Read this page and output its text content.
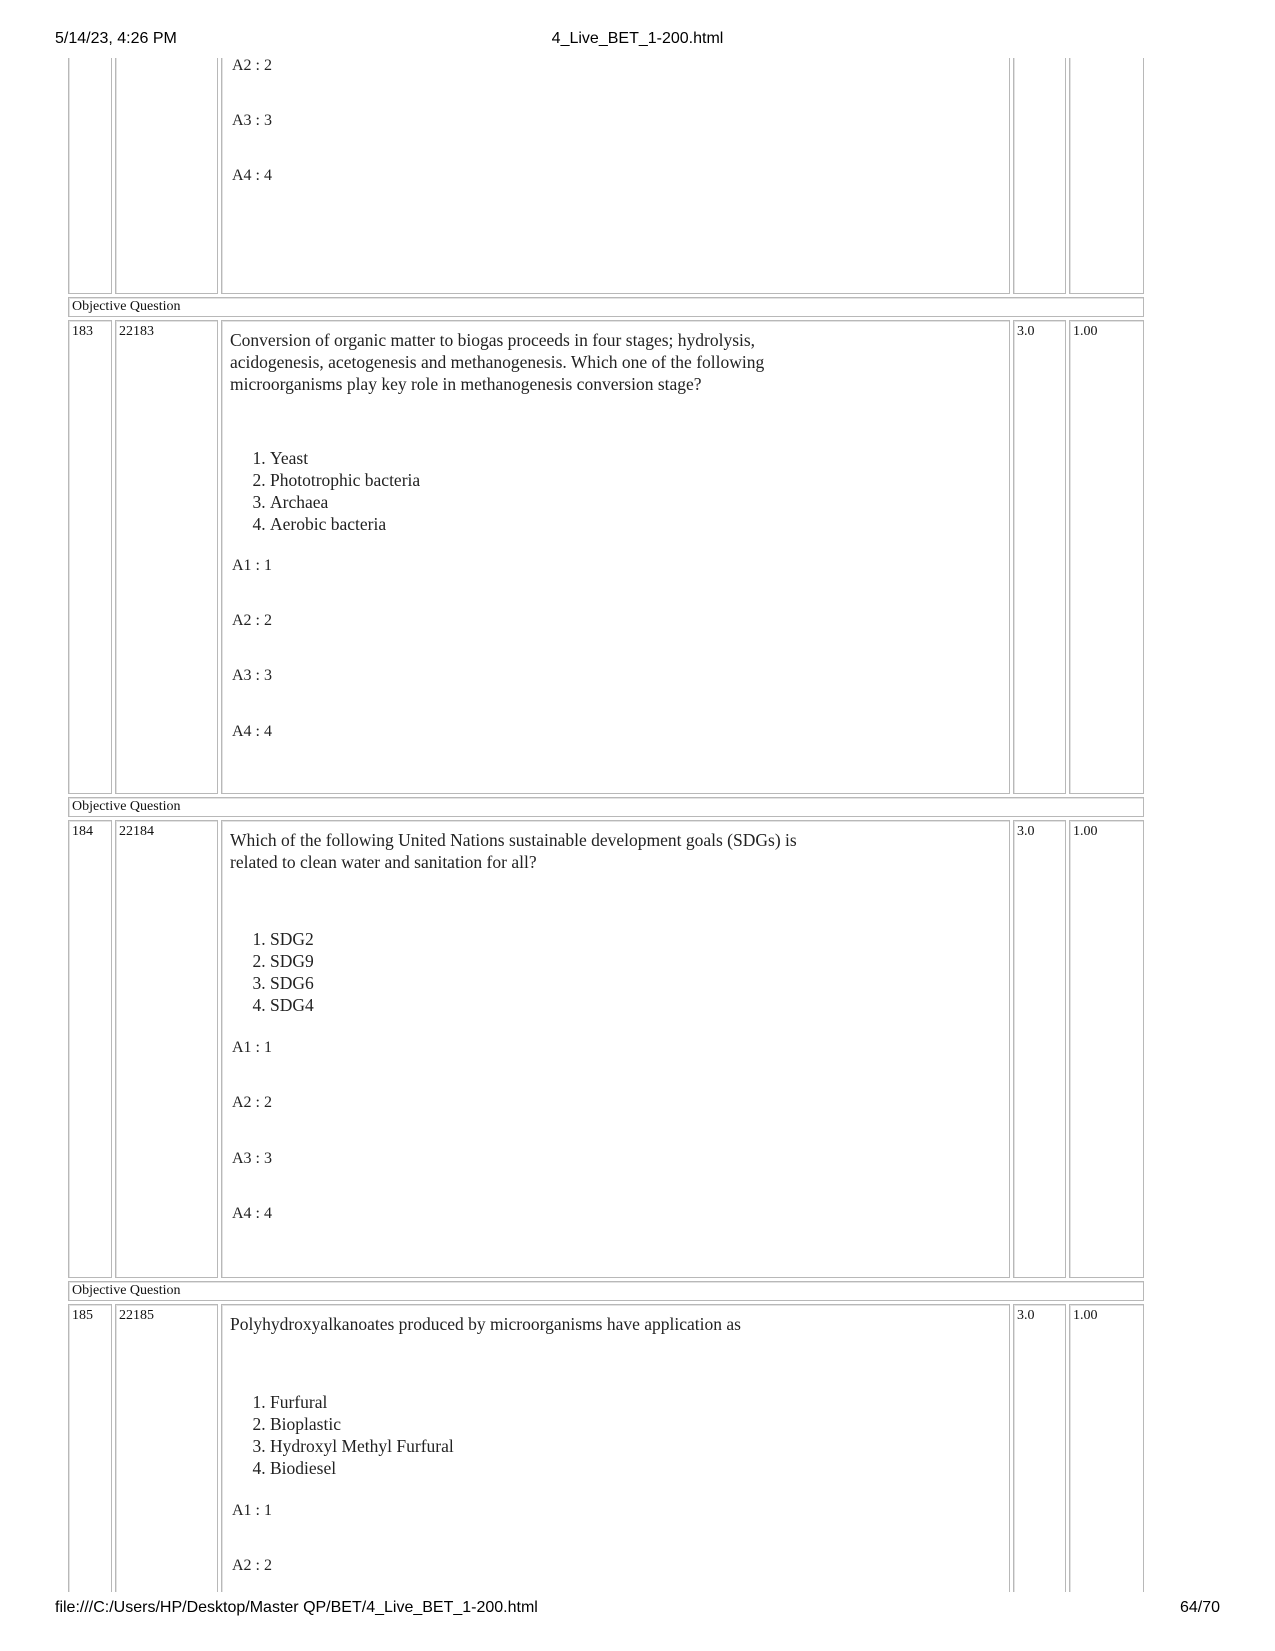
5/14/23, 4:26 PM	4_Live_BET_1-200.html
A2 : 2
A3 : 3
A4 : 4
Objective Question
183	22183	Conversion of organic matter to biogas proceeds in four stages; hydrolysis, acidogenesis, acetogenesis and methanogenesis. Which one of the following microorganisms play key role in methanogenesis conversion stage?
1. Yeast
2. Phototrophic bacteria
3. Archaea
4. Aerobic bacteria
A1 : 1
A2 : 2
A3 : 3
A4 : 4
3.0	1.00
Objective Question
184	22184	Which of the following United Nations sustainable development goals (SDGs) is related to clean water and sanitation for all?
1. SDG2
2. SDG9
3. SDG6
4. SDG4
A1 : 1
A2 : 2
A3 : 3
A4 : 4
3.0	1.00
Objective Question
185	22185	Polyhydroxyalkanoates produced by microorganisms have application as
1. Furfural
2. Bioplastic
3. Hydroxyl Methyl Furfural
4. Biodiesel
A1 : 1
A2 : 2
3.0	1.00
file:///C:/Users/HP/Desktop/Master QP/BET/4_Live_BET_1-200.html	64/70
